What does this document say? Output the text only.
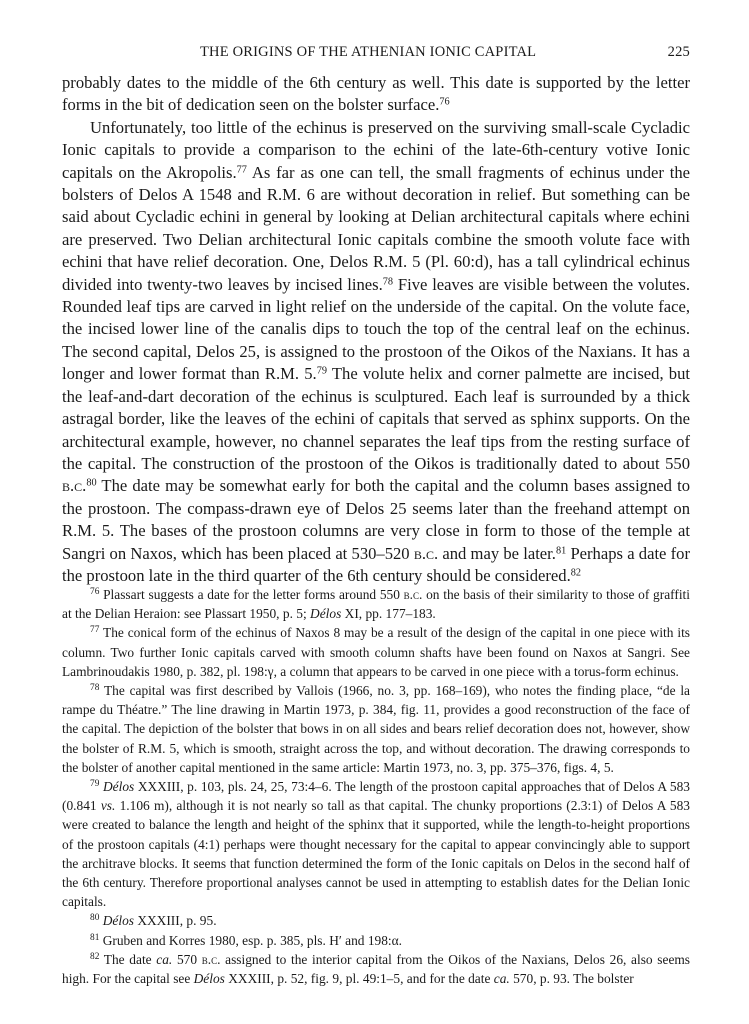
THE ORIGINS OF THE ATHENIAN IONIC CAPITAL	225

probably dates to the middle of the 6th century as well. This date is supported by the letter forms in the bit of dedication seen on the bolster surface.$^{76}$

Unfortunately, too little of the echinus is preserved on the surviving small-scale Cycladic Ionic capitals to provide a comparison to the echini of the late-6th-century votive Ionic capitals on the Akropolis.$^{77}$ As far as one can tell, the small fragments of echinus under the bolsters of Delos A 1548 and R.M. 6 are without decoration in relief. But something can be said about Cycladic echini in general by looking at Delian architectural capitals where echini are preserved. Two Delian architectural Ionic capitals combine the smooth volute face with echini that have relief decoration. One, Delos R.M. 5 (Pl. 60:d), has a tall cylindrical echinus divided into twenty-two leaves by incised lines.$^{78}$ Five leaves are visible between the volutes. Rounded leaf tips are carved in light relief on the underside of the capital. On the volute face, the incised lower line of the canalis dips to touch the top of the central leaf on the echinus. The second capital, Delos 25, is assigned to the prostoon of the Oikos of the Naxians. It has a longer and lower format than R.M. 5.79 The volute helix and corner palmette are incised, but the leaf-and-dart decoration of the echinus is sculptured. Each leaf is surrounded by a thick astragal border, like the leaves of the echini of capitals that served as sphinx supports. On the architectural example, however, no channel separates the leaf tips from the resting surface of the capital. The construction of the prostoon of the Oikos is traditionally dated to about 550 b.c.$^{80}$ The date may be somewhat early for both the capital and the column bases assigned to the prostoon. The compass-drawn eye of Delos 25 seems later than the freehand attempt on R.M. 5. The bases of the prostoon columns are very close in form to those of the temple at Sangri on Naxos, which has been placed at 530–520 b.c. and may be later.$^{81}$ Perhaps a date for the prostoon late in the third quarter of the 6th century should be considered.$^{82}$

$^{76}$ Plassart suggests a date for the letter forms around 550 b.c. on the basis of their similarity to those of graffiti at the Delian Heraion: see Plassart 1950, p. 5; Délos XI, pp. 177–183.

$^{77}$ The conical form of the echinus of Naxos 8 may be a result of the design of the capital in one piece with its column. Two further Ionic capitals carved with smooth column shafts have been found on Naxos at Sangri. See Lambrinoudakis 1980, p. 382, pl. 198:γ, a column that appears to be carved in one piece with a torus-form echinus.

$^{78}$ The capital was first described by Vallois (1966, no. 3, pp. 168–169), who notes the finding place, “de la rampe du Théatre.” The line drawing in Martin 1973, p. 384, fig. 11, provides a good reconstruction of the face of the capital. The depiction of the bolster that bows in on all sides and bears relief decoration does not, however, show the bolster of R.M. 5, which is smooth, straight across the top, and without decoration. The drawing corresponds to the bolster of another capital mentioned in the same article: Martin 1973, no. 3, pp. 375–376, figs. 4, 5.

$^{79}$ Délos XXXIII, p. 103, pls. 24, 25, 73:4–6. The length of the prostoon capital approaches that of Delos A 583 (0.841 vs. 1.106 m), although it is not nearly so tall as that capital. The chunky proportions (2.3:1) of Delos A 583 were created to balance the length and height of the sphinx that it supported, while the length-to-height proportions of the prostoon capitals (4:1) perhaps were thought necessary for the capital to appear convincingly able to support the architrave blocks. It seems that function determined the form of the Ionic capitals on Delos in the second half of the 6th century. Therefore proportional analyses cannot be used in attempting to establish dates for the Delian Ionic capitals.

$^{80}$ Délos XXXIII, p. 95.

$^{81}$ Gruben and Korres 1980, esp. p. 385, pls. H′ and 198:α.

$^{82}$ The date ca. 570 b.c. assigned to the interior capital from the Oikos of the Naxians, Delos 26, also seems high. For the capital see Délos XXXIII, p. 52, fig. 9, pl. 49:1–5, and for the date ca. 570, p. 93. The bolster
